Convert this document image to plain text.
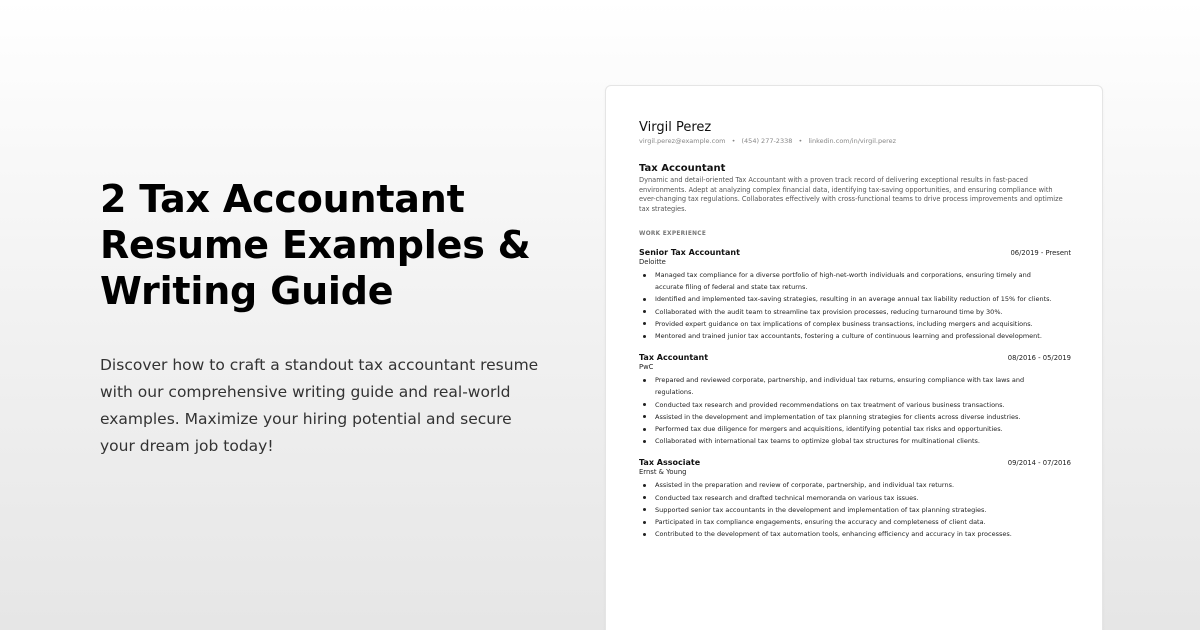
2 Tax Accountant Resume Examples & Writing Guide

Discover how to craft a standout tax accountant resume with our comprehensive writing guide and real-world examples. Maximize your hiring potential and secure your dream job today!

Virgil Perez
virgil.perez@example.com • (454) 277-2338 • linkedin.com/in/virgil.perez
Tax Accountant
Dynamic and detail-oriented Tax Accountant with a proven track record of delivering exceptional results in fast-paced environments. Adept at analyzing complex financial data, identifying tax-saving opportunities, and ensuring compliance with ever-changing tax regulations. Collaborates effectively with cross-functional teams to drive process improvements and optimize tax strategies.
WORK EXPERIENCE
Senior Tax Accountant	06/2019 - Present
Deloitte
Managed tax compliance for a diverse portfolio of high-net-worth individuals and corporations, ensuring timely and accurate filing of federal and state tax returns.
Identified and implemented tax-saving strategies, resulting in an average annual tax liability reduction of 15% for clients.
Collaborated with the audit team to streamline tax provision processes, reducing turnaround time by 30%.
Provided expert guidance on tax implications of complex business transactions, including mergers and acquisitions.
Mentored and trained junior tax accountants, fostering a culture of continuous learning and professional development.
Tax Accountant	08/2016 - 05/2019
PwC
Prepared and reviewed corporate, partnership, and individual tax returns, ensuring compliance with tax laws and regulations.
Conducted tax research and provided recommendations on tax treatment of various business transactions.
Assisted in the development and implementation of tax planning strategies for clients across diverse industries.
Performed tax due diligence for mergers and acquisitions, identifying potential tax risks and opportunities.
Collaborated with international tax teams to optimize global tax structures for multinational clients.
Tax Associate	09/2014 - 07/2016
Ernst & Young
Assisted in the preparation and review of corporate, partnership, and individual tax returns.
Conducted tax research and drafted technical memoranda on various tax issues.
Supported senior tax accountants in the development and implementation of tax planning strategies.
Participated in tax compliance engagements, ensuring the accuracy and completeness of client data.
Contributed to the development of tax automation tools, enhancing efficiency and accuracy in tax processes.
